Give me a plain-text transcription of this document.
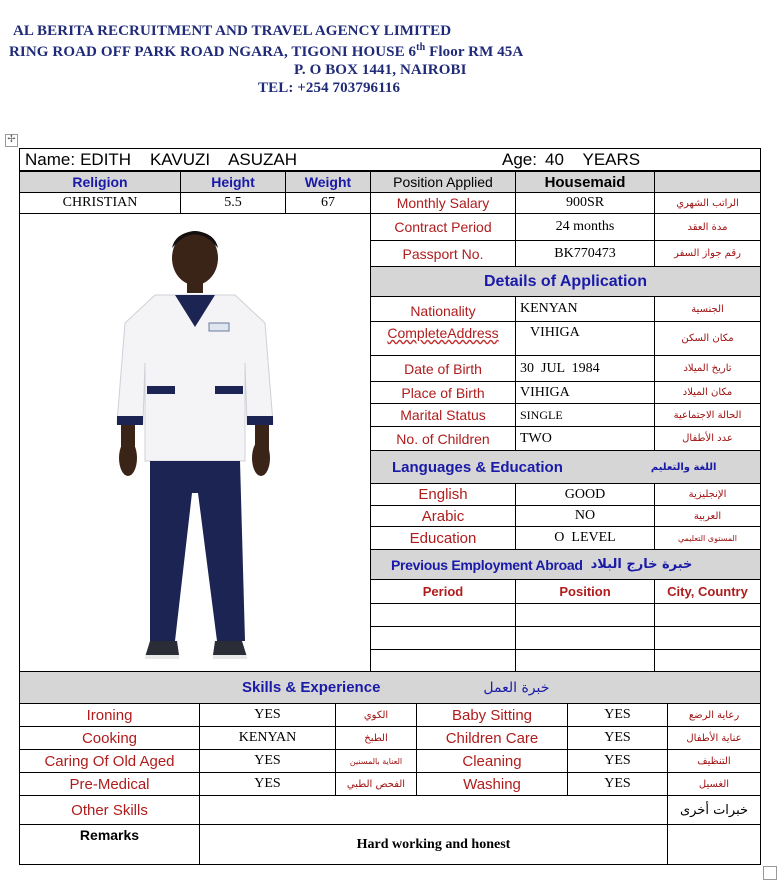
AL BERITA RECRUITMENT AND TRAVEL AGENCY LIMITED
RING ROAD OFF PARK ROAD NGARA, TIGONI HOUSE 6th Floor RM 45A
P. O BOX 1441, NAIROBI
TEL: +254 703796116
✢
Name: EDITH    KAVUZI    ASUZAH	Age: 40    YEARS
Religion	Height	Weight	Position Applied	Housemaid
CHRISTIAN	5.5	67	Monthly Salary	900SR	الراتب الشهري
Contract Period	24 months	مدة العقد
Passport No.	BK770473	رقم جواز السفر
Details of Application
Nationality	KENYAN	الجنسية
CompleteAddress	VIHIGA	مكان السكن
Date of Birth	30  JUL  1984	تاريخ الميلاد
Place of Birth	VIHIGA	مكان الميلاد
Marital Status	SINGLE	الحالة الاجتماعية
No. of Children	TWO	عدد الأطفال
Languages & Education	اللغة والتعليم
English	GOOD	الإنجليزية
Arabic	NO	العربية
Education	O  LEVEL	المستوى التعليمي
Previous Employment Abroad خبرة خارج البلاد
Period	Position	City, Country
Skills & Experience	خبرة العمل
Ironing	YES	الكوي	Baby Sitting	YES	رعاية الرضع
Cooking	KENYAN	الطبخ	Children Care	YES	عناية الأطفال
Caring Of Old Aged	YES	العناية بالمسنين	Cleaning	YES	التنظيف
Pre-Medical	YES	الفحص الطبي	Washing	YES	الغسيل
Other Skills	خبرات أخرى
Remarks
Hard working and honest
